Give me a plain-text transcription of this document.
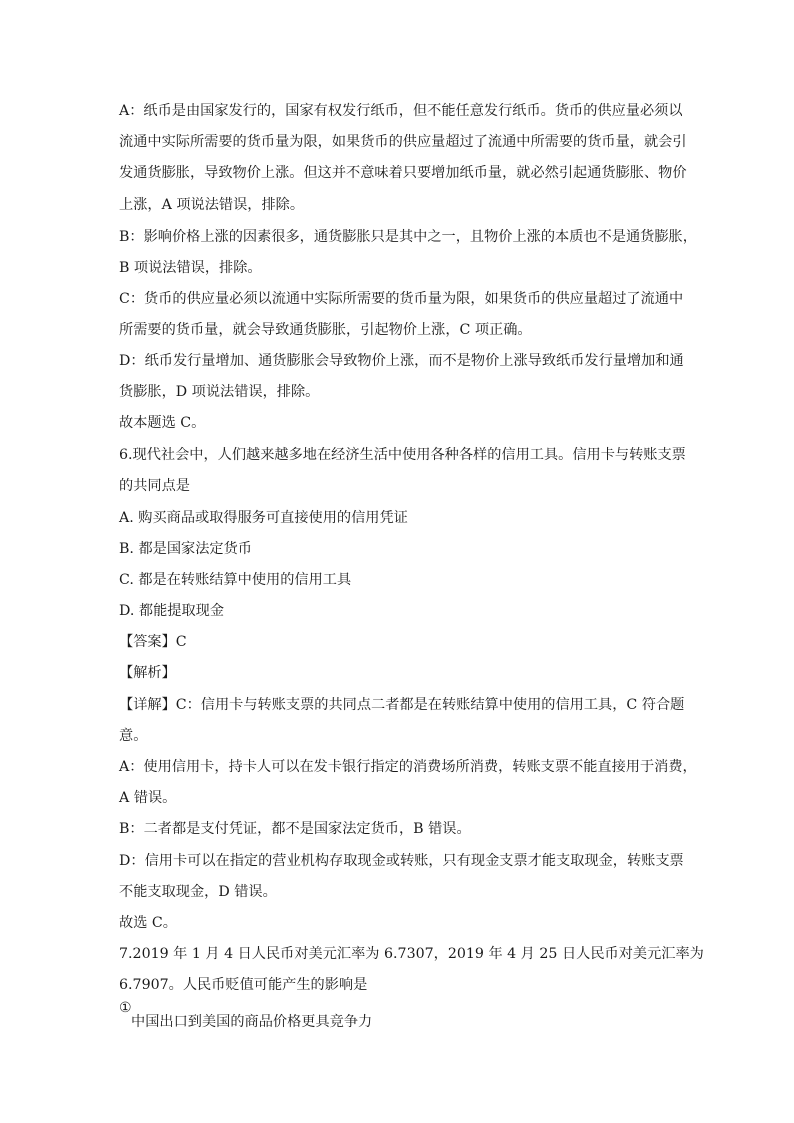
A：纸币是由国家发行的，国家有权发行纸币，但不能任意发行纸币。货币的供应量必须以
流通中实际所需要的货币量为限，如果货币的供应量超过了流通中所需要的货币量，就会引
发通货膨胀，导致物价上涨。但这并不意味着只要增加纸币量，就必然引起通货膨胀、物价
上涨，A 项说法错误，排除。
B：影响价格上涨的因素很多，通货膨胀只是其中之一，且物价上涨的本质也不是通货膨胀，
B 项说法错误，排除。
C：货币的供应量必须以流通中实际所需要的货币量为限，如果货币的供应量超过了流通中
所需要的货币量，就会导致通货膨胀，引起物价上涨，C 项正确。
D：纸币发行量增加、通货膨胀会导致物价上涨，而不是物价上涨导致纸币发行量增加和通
货膨胀，D 项说法错误，排除。
故本题选 C。
6.现代社会中，人们越来越多地在经济生活中使用各种各样的信用工具。信用卡与转账支票
的共同点是
A. 购买商品或取得服务可直接使用的信用凭证
B. 都是国家法定货币
C. 都是在转账结算中使用的信用工具
D. 都能提取现金
【答案】C
【解析】
【详解】C：信用卡与转账支票的共同点二者都是在转账结算中使用的信用工具，C 符合题
意。
A：使用信用卡，持卡人可以在发卡银行指定的消费场所消费，转账支票不能直接用于消费，
A 错误。
B：二者都是支付凭证，都不是国家法定货币，B 错误。
D：信用卡可以在指定的营业机构存取现金或转账，只有现金支票才能支取现金，转账支票
不能支取现金，D 错误。
故选 C。
7.2019 年 1 月 4 日人民币对美元汇率为 6.7307，2019 年 4 月 25 日人民币对美元汇率为
6.7907。人民币贬值可能产生的影响是
①
中国出口到美国的商品价格更具竞争力
